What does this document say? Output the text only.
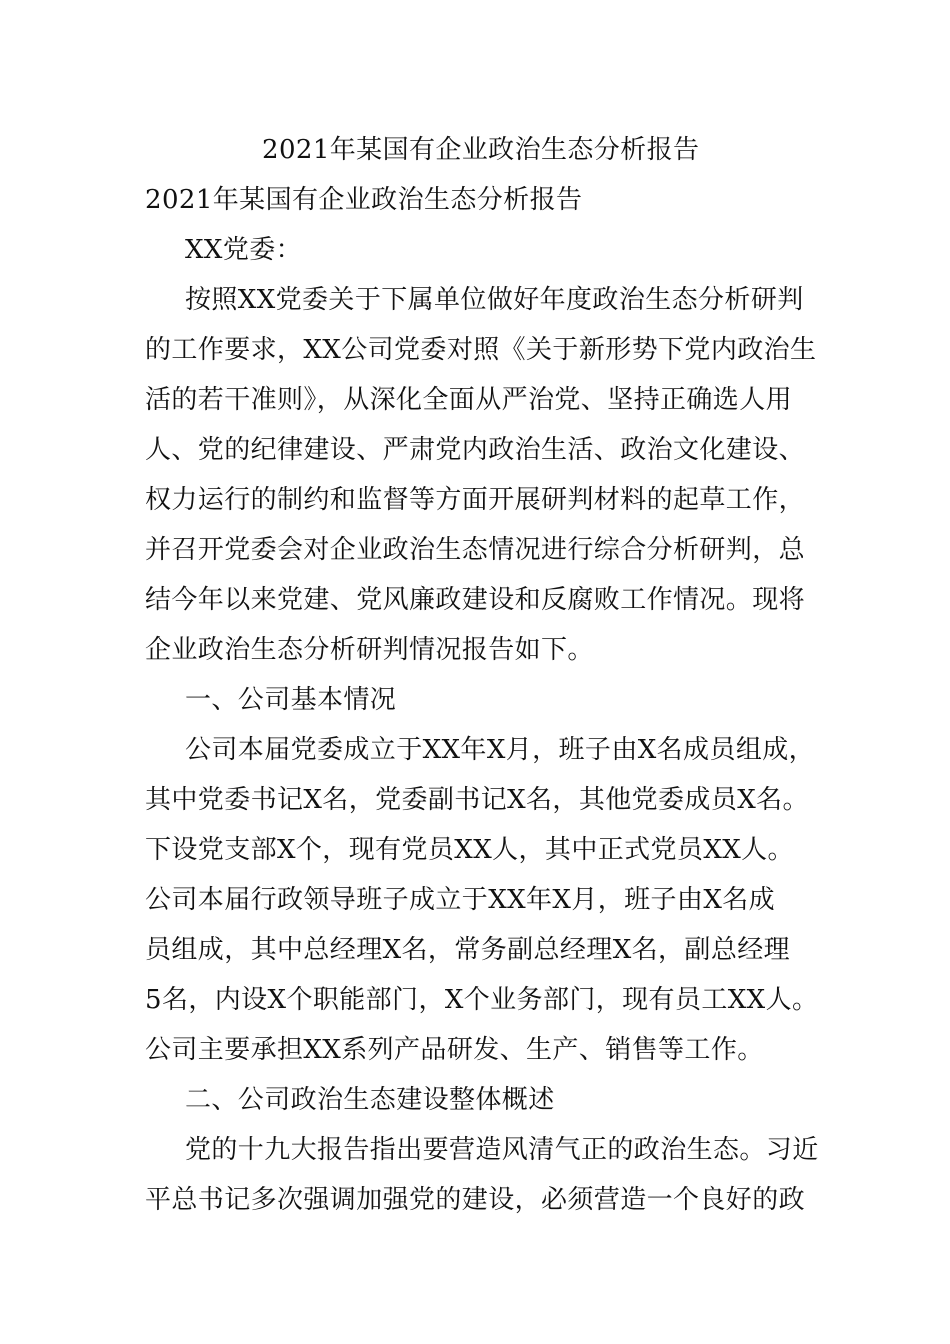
2021年某国有企业政治生态分析报告
2021年某国有企业政治生态分析报告
XX党委：
按照XX党委关于下属单位做好年度政治生态分析研判
的工作要求，XX公司党委对照《关于新形势下党内政治生
活的若干准则》，从深化全面从严治党、坚持正确选人用
人、党的纪律建设、严肃党内政治生活、政治文化建设、
权力运行的制约和监督等方面开展研判材料的起草工作，
并召开党委会对企业政治生态情况进行综合分析研判，总
结今年以来党建、党风廉政建设和反腐败工作情况。现将
企业政治生态分析研判情况报告如下。
一、公司基本情况
公司本届党委成立于XX年X月，班子由X名成员组成，
其中党委书记X名，党委副书记X名，其他党委成员X名。
下设党支部X个，现有党员XX人，其中正式党员XX人。
公司本届行政领导班子成立于XX年X月，班子由X名成
员组成，其中总经理X名，常务副总经理X名，副总经理
5名，内设X个职能部门，X个业务部门，现有员工XX人。
公司主要承担XX系列产品研发、生产、销售等工作。
二、公司政治生态建设整体概述
党的十九大报告指出要营造风清气正的政治生态。习近
平总书记多次强调加强党的建设，必须营造一个良好的政
